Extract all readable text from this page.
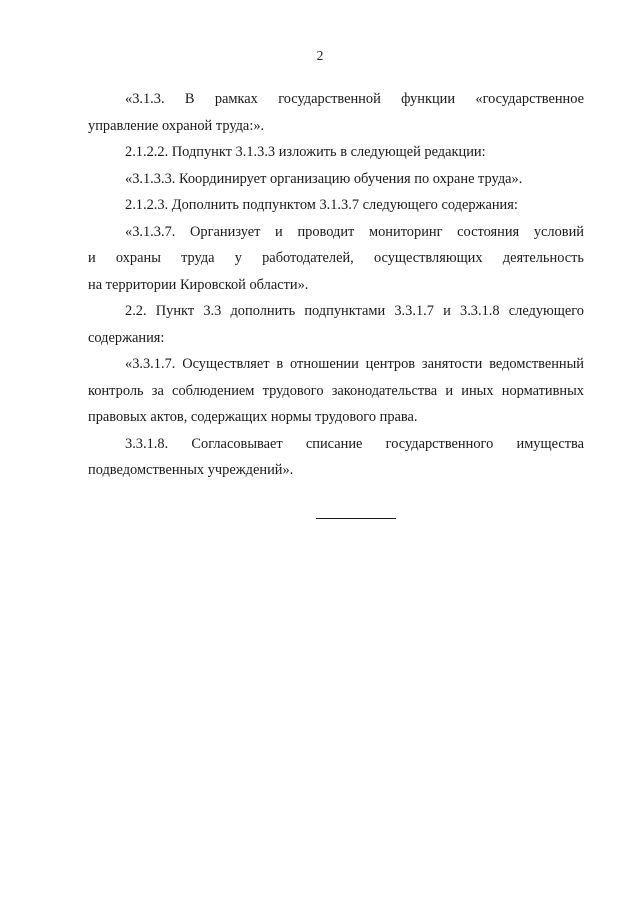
2
«3.1.3. В рамках государственной функции «государственное
управление охраной труда:».
2.1.2.2. Подпункт 3.1.3.3 изложить в следующей редакции:
«3.1.3.3. Координирует организацию обучения по охране труда».
2.1.2.3. Дополнить подпунктом 3.1.3.7 следующего содержания:
«3.1.3.7. Организует и проводит мониторинг состояния условий
и охраны труда у работодателей, осуществляющих деятельность
на территории Кировской области».
2.2. Пункт 3.3 дополнить подпунктами 3.3.1.7 и 3.3.1.8 следующего
содержания:
«3.3.1.7. Осуществляет в отношении центров занятости ведомственный
контроль за соблюдением трудового законодательства и иных нормативных
правовых актов, содержащих нормы трудового права.
3.3.1.8. Согласовывает списание государственного имущества
подведомственных учреждений».
